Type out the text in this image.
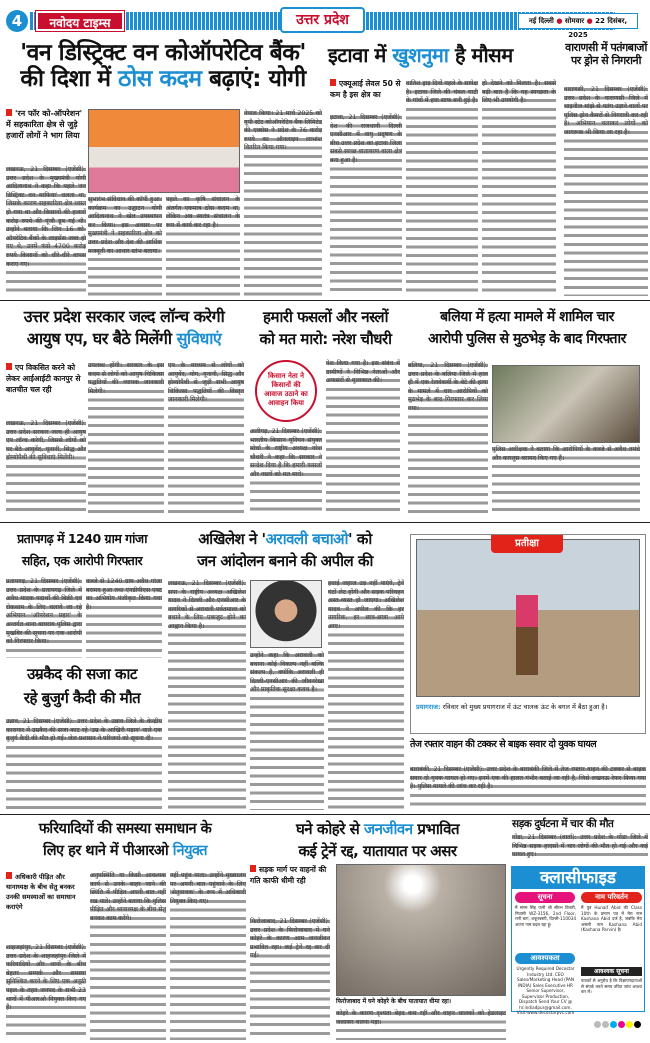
4	नवोदय टाइम्स	उत्तर प्रदेश	नई दिल्ली ● सोमवार ● 22 दिसंबर, 2025
'वन डिस्ट्रिक्ट वन कोऑपरेटिव बैंक'
की दिशा में ठोस कदम बढ़ाएं: योगी
'रन फॉर को-ऑपरेशन' में सहकारिता क्षेत्र से जुड़े हजारों लोगों ने भाग लिया
लखनऊ, 21 दिसम्बर (एजेंसी): उत्तर प्रदेश के मुख्यमंत्री योगी आदित्यनाथ ने कहा कि पहले 'वन डिस्ट्रिक्ट वन माफिया' चलता था, जिसके कारण सहकारिता क्षेत्र ध्वस्त हो गया था और किसानों की हजारों करोड़ रुपये की पूंजी डूब गई थी। उन्होंने बताया कि जिन 16 को-ऑपरेटिव बैंकों के लाइसेंस जब्त हो गए थे, उनमें फंसे 4700 करोड़ रुपये किसानों को धीरे-धीरे वापस कराए गए।
सुभारंभ संविधान की कॉपी हुआ। कार्यक्रम का उद्घाटन योगी आदित्यनाथ ने खेल उपस्थापन कर किया। इस अवसर पर मुख्यमंत्री ने सहकारिता क्षेत्र को उत्तर प्रदेश और देश की आर्थिक मजबूती का आधार स्तंभ बताया।
पहले का कृषि संचालन के अंतर्गत एकमात्र ठोस कदम था, लेकिन अब स्वतंत्र संचालन के रूप में कार्य कर रहा है।
नेपाल किया। 21 मार्च 2025 को यूपी स्टेट कोऑपरेटिव बैंक लिमिटेड की एक्सेस ने प्रदेश के 76 करोड़ रुपये का ऑनलाइन लाभांश वितरित किया गया।
इटावा में खुशनुमा है मौसम
एक्यूआई लेवल 50 से कम है इस क्षेत्र का
इटावा, 21 दिसम्बर (एजेंसी): देश की राजधानी दिल्ली एनसीआर में वायु प्रदूषण के बीच उत्तर प्रदेश का इटावा जिला सबसे स्वच्छ वातावरण वाला क्षेत्र बना हुआ है।
वातिश ड्राइ दिनों पहले के सापेक्ष है। इटावा जिले की चंबल घाटी के गांवों में हवा साफ बनी हुई है।
हो देखने को मिलता है। सबसे बड़ी बात है कि यह स्वच्छता के लिए भी उपयोगी है।
वाराणसी में पतंगबाजों पर ड्रोन से निगरानी
वाराणसी, 21 दिसम्बर (एजेंसी): उत्तर प्रदेश के वाराणसी जिले में चाइनीज मांझे से पतंग उड़ाने वालों पर पुलिस ड्रोन कैमरों से निगरानी कर रही है। अभियान चलाकर लोगों को जागरूक भी किया जा रहा है।
उत्तर प्रदेश सरकार जल्द लॉन्च करेगी
आयुष एप, घर बैठे मिलेंगी सुविधाएं
एप विकसित करने को लेकर आईआईटी कानपुर से बातचीत चल रही
लखनऊ, 21 दिसम्बर (एजेंसी): उत्तर प्रदेश सरकार जल्द ही आयुष एप लॉन्च करेगी, जिससे लोगों को घर बैठे आयुर्वेद, यूनानी, सिद्ध और होम्योपैथी की सुविधाएं मिलेंगी।
उपलब्ध होंगी। सरकार के इस कदम से लोगों को आयुष चिकित्सा पद्धतियों की व्यापक जानकारी मिलेगी।
एप के माध्यम से लोगों को आयुर्वेद, योग, यूनानी, सिद्ध और होम्योपैथी से जुड़ी सभी आयुष चिकित्सा पद्धतियों की विस्तृत जानकारी मिलेगी।
हमारी फसलों और नस्लों
को मत मारो: नरेश चौधरी
किसान नेता ने किसानों की आवाज उठाने का आवाहन किया
अलीगढ़, 21 दिसम्बर (एजेंसी): भारतीय किसान यूनियन संयुक्त मोर्चा के राष्ट्रीय अध्यक्ष नरेश चौधरी ने कहा कि सरकार ने सन्देश दिया है कि हमारी फसलों और नस्लों को मत मारो।
पेश किया गया है। इस संबंध में ग्रामीणों ने विभिन्न नेताओं और अफसरों से मुलाकात की।
बलिया में हत्या मामले में शामिल चार
आरोपी पुलिस से मुठभेड़ के बाद गिरफ्तार
बलिया, 21 दिसम्बर (एजेंसी): उत्तर प्रदेश के बलिया जिले में हाल ही में एक रेलवेकर्मी के बेटे की हत्या के मामले में चार आरोपियों को मुठभेड़ के बाद गिरफ्तार कर लिया गया।
पुलिस अधीक्षक ने बताया कि आरोपियों के कब्जे से अवैध तमंचे और कारतूस बरामद किए गए हैं।
प्रतापगढ़ में 1240 ग्राम गांजा
सहित, एक आरोपी गिरफ्तार
प्रतापगढ़, 21 दिसम्बर (एजेंसी): उत्तर प्रदेश के प्रतापगढ़ जिले में अवैध मादक पदार्थों की बिक्री एवं रोकथाम के लिए चलाये जा रहे अभियान 'ऑपरेशन प्रहार' के अन्तर्गत थाना बाघराय पुलिस द्वारा मुखबिर की सूचना पर एक आरोपी को गिरफ्तार किया।
कब्जे से 1240 ग्राम अवैध गांजा बरामद हुआ तथा एनडीपीएस एक्ट का अभियोग पंजीकृत किया गया है।
उम्रकैद की सजा काट
रहे बुजुर्ग कैदी की मौत
उन्नाव, 21 दिसम्बर (एजेंसी): उत्तर प्रदेश के उन्नाव जिले के केन्द्रीय कारागार में उम्रकैद की सजा काट रहे 'उम्र के आखिरी पड़ाव' वाले एक बुजुर्ग कैदी की मौत हो गई। जेल प्रशासन ने परिजनों को सूचना दी।
अखिलेश ने 'अरावली बचाओ' को
जन आंदोलन बनाने की अपील की
लखनऊ, 21 दिसम्बर (एजेंसी): सपा के राष्ट्रीय अध्यक्ष अखिलेश यादव ने दिल्ली और एनसीआर के नागरिकों से अरावली पर्वतमाला को बचाने के लिए एकजुट होने का आह्वान किया है।
उन्होंने कहा कि अरावली को बचाना कोई विकल्प नहीं बल्कि संकल्प है, क्योंकि अरावली ही दिल्ली-एनसीआर की जीवनरेखा और प्राकृतिक सुरक्षा कवच है।
हवाई जहाज उड़ नहीं पाएंगे, ट्रेनें घंटों लेट होंगी और सड़क परिवहन अस्त-व्यस्त हो जाएगा। अखिलेश यादव ने अपील की कि हर नागरिक, हर छात्र-छात्रा आगे आए।
प्रतीक्षा
प्रयागराज: रविवार को मुख्य प्रयागराज में ऊंट चालक ऊंट के बगल में बैठा हुआ है।
तेज रफ्तार वाहन की टक्कर से बाइक सवार दो युवक घायल
बाराबंकी, 21 दिसम्बर (एजेंसी): उत्तर प्रदेश के बाराबंकी जिले में तेज रफ्तार वाहन की टक्कर से बाइक सवार दो युवक घायल हो गए। इनमें एक की हालत गंभीर बताई जा रही है, जिसे लखनऊ रेफर किया गया है। पुलिस मामले की जांच कर रही है।
फरियादियों की समस्या समाधान के
लिए हर थाने में पीआरओ नियुक्त
अधिकारी पीड़ित और थानाध्यक्ष के बीच सेतु बनकर उनकी समस्याओं का समाधान कराएंगे
शाहजहांपुर, 21 दिसम्बर (एजेंसी): उत्तर प्रदेश के शाहजहांपुर जिले में फरियादियों और थानों के बीच बेहतर सम्पर्क और समस्या सुनिश्चित करने के लिए एक अनूठी पहल के तहत जनपद के सभी 23 थानों में पीआरओ नियुक्त किए गए हैं।
अनुपस्थिति या किसी आवश्यक कार्य से उनके बाहर जाने की स्थिति में पीड़ित अपनी बात नहीं रख पाते। उन्होंने बताया कि पुलिस पीड़ित और थानाध्यक्ष के बीच सेतु बनकर काम करेंगे।
नहीं पहुंच पाता। उन्होंने मुख्यालय पर अपनी बात पहुंचाने के लिए 'सेतुवाचक' के रूप में अधिकारी नियुक्त किए गए।
घने कोहरे से जनजीवन प्रभावित
कई ट्रेनें रद्द, यातायात पर असर
सड़क मार्ग पर वाहनों की गति काफी धीमी रही
फिरोजाबाद, 21 दिसम्बर (एजेंसी): उत्तर प्रदेश के फिरोजाबाद में घने कोहरे के कारण आम जनजीवन प्रभावित रहा। कई ट्रेनें रद्द कर दी गईं।
फिरोजाबाद में घने कोहरे के बीच यातायात धीमा रहा।
कोहरे के कारण दृश्यता बेहद कम रही और वाहन चालकों को हेडलाइट जलाकर चलना पड़ा।
सड़क दुर्घटना में चार की मौत
गोंडा, 21 दिसम्बर (वार्ता): उत्तर प्रदेश के गोंडा जिले में विभिन्न सड़क हादसों में चार लोगों की मौत हो गई और कई घायल हुए।
क्लासीफाइड
सूचना
मैं संगम सिंह पत्नी श्री सौरभ तिवारी, निवासी WZ-3156, 2nd Floor, रानी बाग, शकूरबस्ती, दिल्ली-110034 अपना नाम बदल रहा हूं।
आवश्यकता
Urgently Required Decostar Industry Ltd. CEO Sales/Marketing Head (PAN INDIA) Sales Executive HR Senior Supervisor, Supervisor Production, Dispatch Send Your CV @ hr.indiadpur@gmail.com. Visit-www.decostarpvc.com
नाम परिवर्तन
मैं पुत्र Hunaif Abid की Class 10th के प्रमाण पत्र में मेरा नाम Kashana Abid दर्ज है, जबकि मेरा असली नाम Kashana Abid (Kashana Parvin) है।
आवश्यक सूचना
पाठकों से अनुरोध है कि विज्ञापनदाताओं से संपर्क करते समय उचित जांच अवश्य कर लें।
